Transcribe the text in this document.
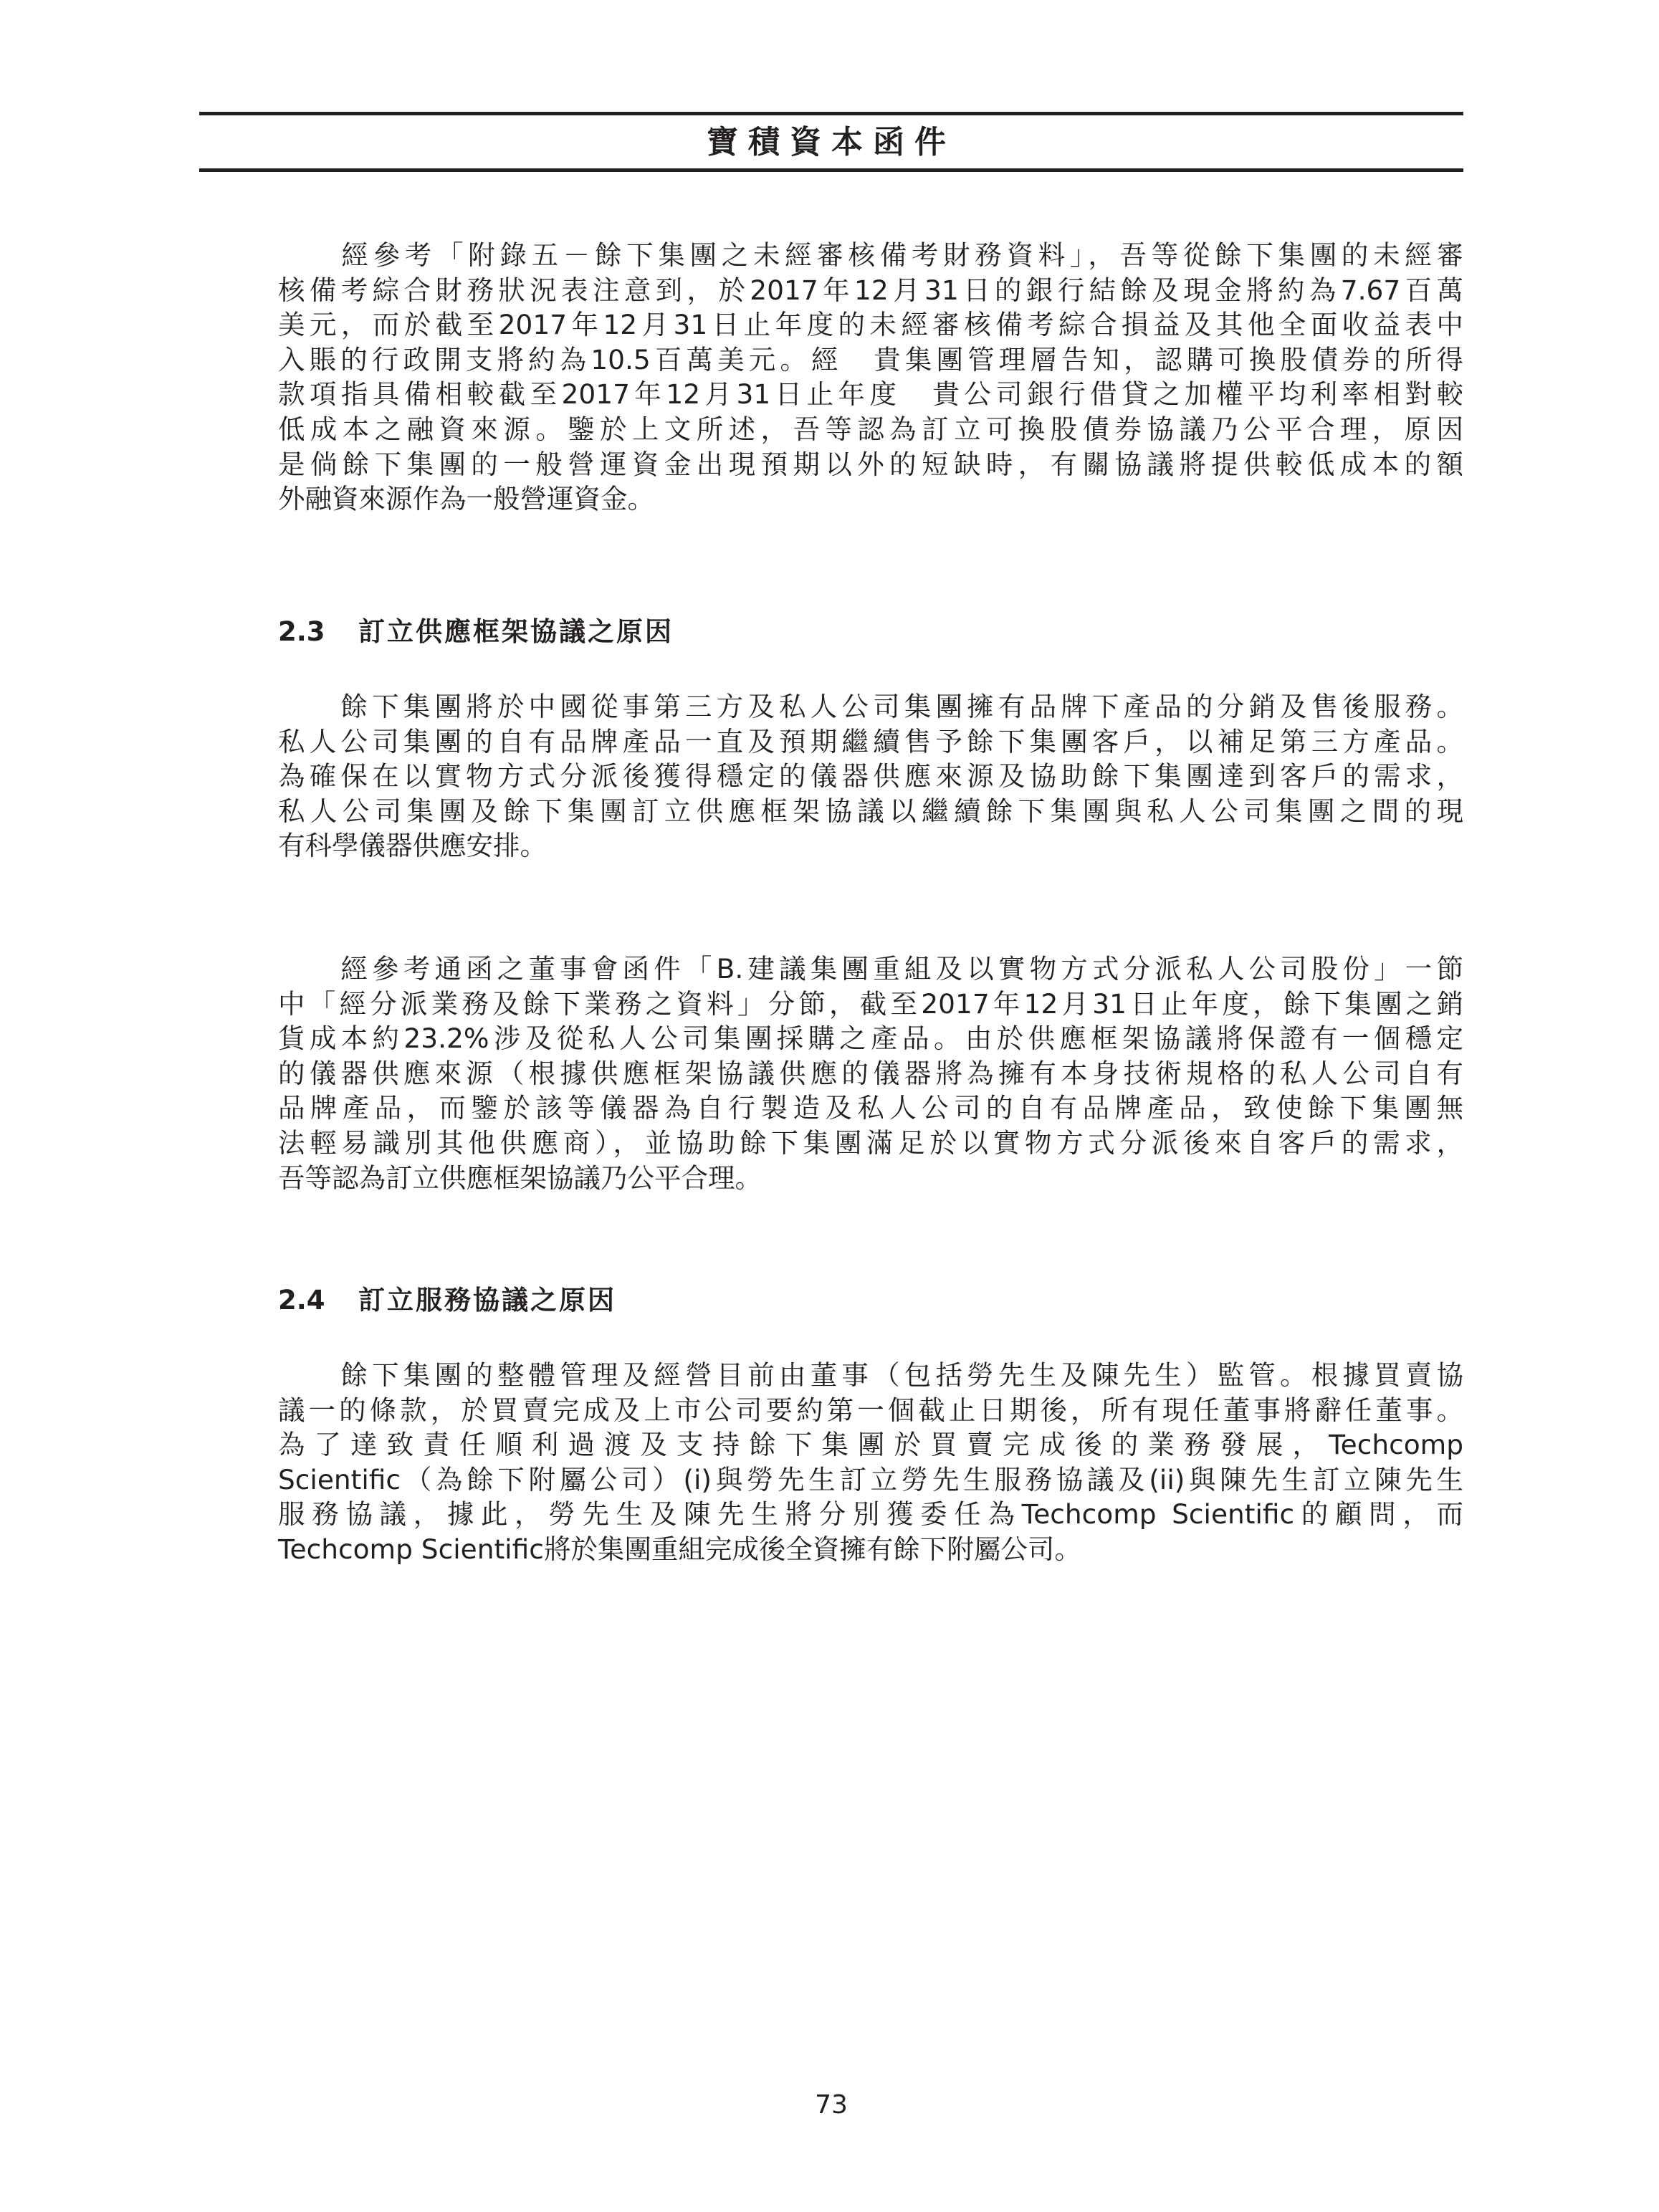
寶積資本函件

　　經參考「附錄五－餘下集團之未經審核備考財務資料」，吾等從餘下集團的未經審
核備考綜合財務狀況表注意到，於2017年12月31日的銀行結餘及現金將約為7.67百萬
美元，而於截至2017年12月31日止年度的未經審核備考綜合損益及其他全面收益表中
入賬的行政開支將約為10.5百萬美元。經　貴集團管理層告知，認購可換股債券的所得
款項指具備相較截至2017年12月31日止年度　貴公司銀行借貸之加權平均利率相對較
低成本之融資來源。鑒於上文所述，吾等認為訂立可換股債券協議乃公平合理，原因
是倘餘下集團的一般營運資金出現預期以外的短缺時，有關協議將提供較低成本的額
外融資來源作為一般營運資金。

2.3 訂立供應框架協議之原因

　　餘下集團將於中國從事第三方及私人公司集團擁有品牌下產品的分銷及售後服務。
私人公司集團的自有品牌產品一直及預期繼續售予餘下集團客戶，以補足第三方產品。
為確保在以實物方式分派後獲得穩定的儀器供應來源及協助餘下集團達到客戶的需求，
私人公司集團及餘下集團訂立供應框架協議以繼續餘下集團與私人公司集團之間的現
有科學儀器供應安排。

　　經參考通函之董事會函件「B.建議集團重組及以實物方式分派私人公司股份」一節
中「經分派業務及餘下業務之資料」分節，截至2017年12月31日止年度，餘下集團之銷
貨成本約23.2%涉及從私人公司集團採購之產品。由於供應框架協議將保證有一個穩定
的儀器供應來源（根據供應框架協議供應的儀器將為擁有本身技術規格的私人公司自有
品牌產品，而鑒於該等儀器為自行製造及私人公司的自有品牌產品，致使餘下集團無
法輕易識別其他供應商），並協助餘下集團滿足於以實物方式分派後來自客戶的需求，
吾等認為訂立供應框架協議乃公平合理。

2.4 訂立服務協議之原因

　　餘下集團的整體管理及經營目前由董事（包括勞先生及陳先生）監管。根據買賣協
議一的條款，於買賣完成及上市公司要約第一個截止日期後，所有現任董事將辭任董事。
為了達致責任順利過渡及支持餘下集團於買賣完成後的業務發展，Techcomp
Scientific（為餘下附屬公司）(i)與勞先生訂立勞先生服務協議及(ii)與陳先生訂立陳先生
服務協議，據此，勞先生及陳先生將分別獲委任為Techcomp Scientific的顧問，而
Techcomp Scientific將於集團重組完成後全資擁有餘下附屬公司。

73
